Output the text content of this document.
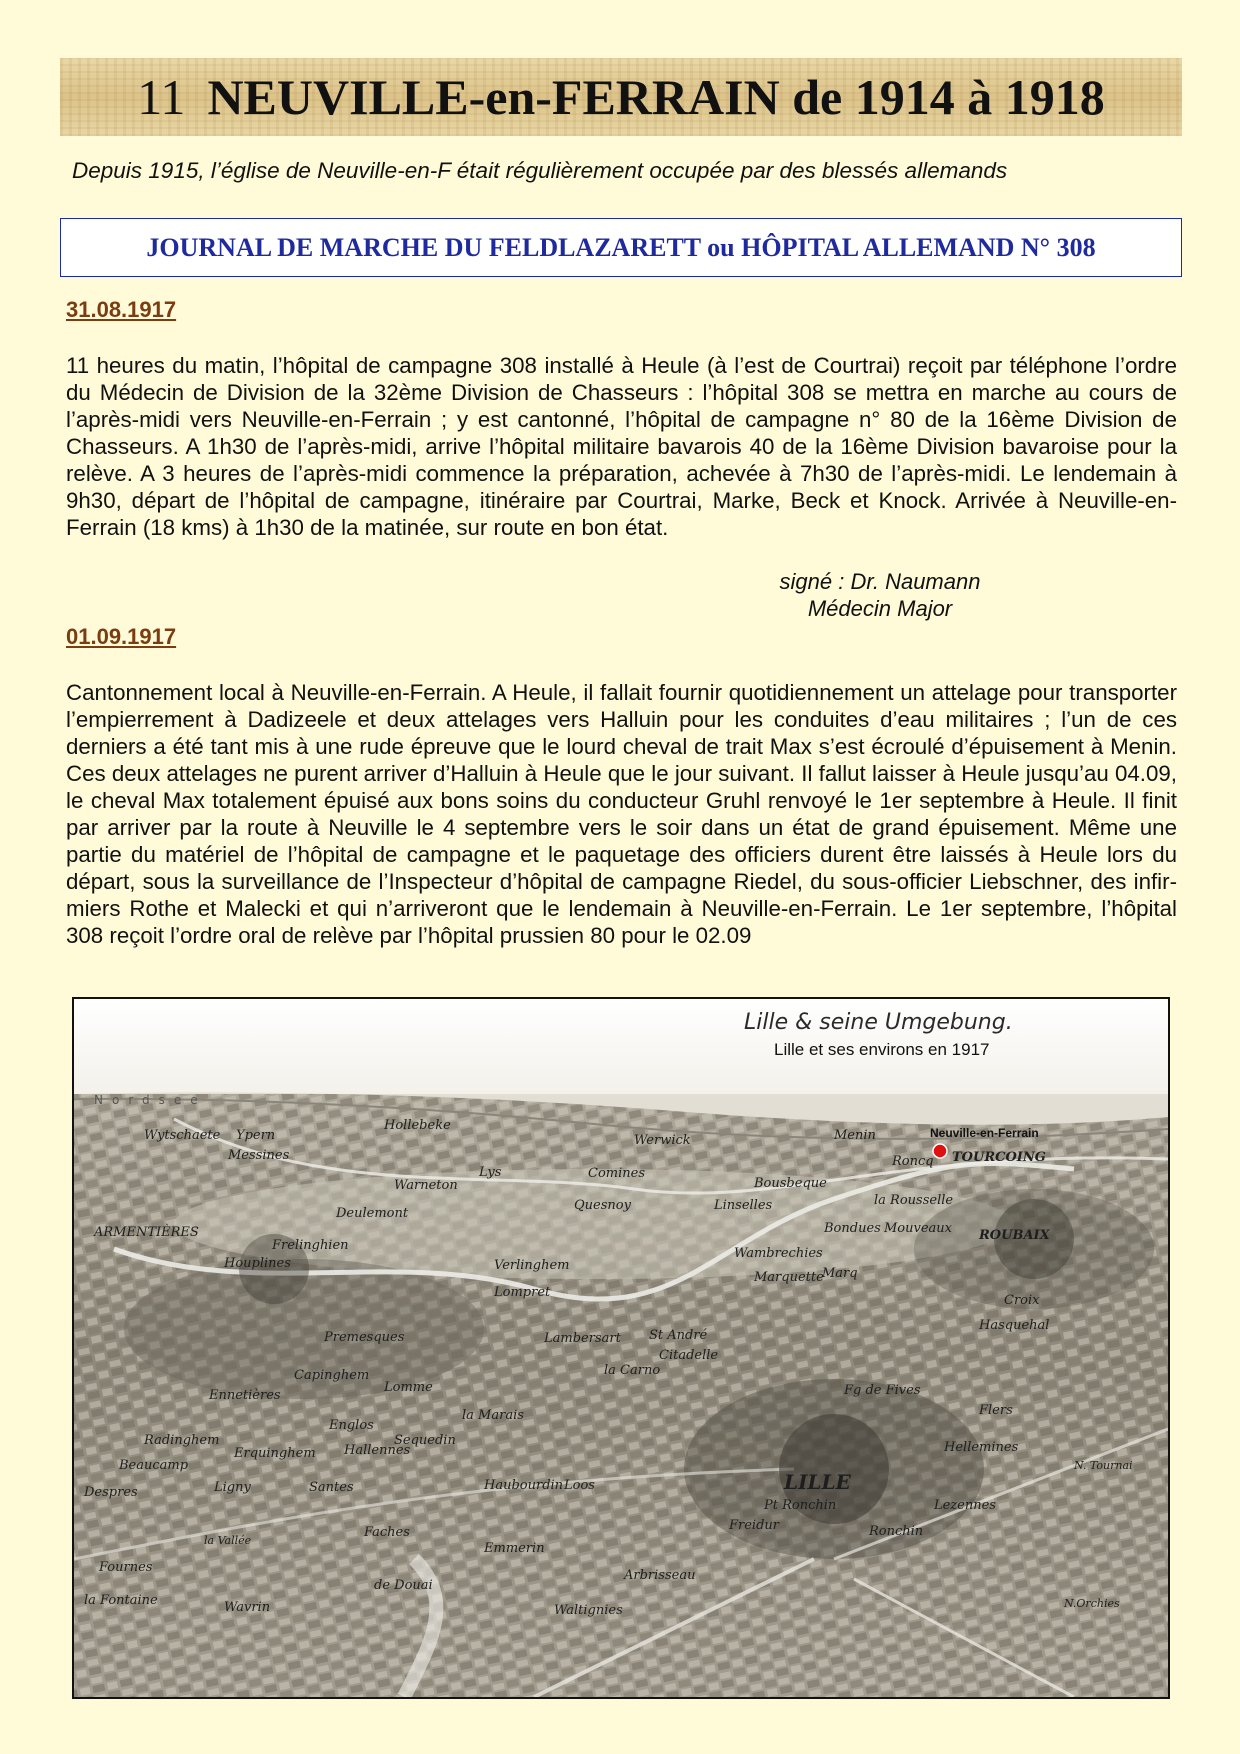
11 NEUVILLE-en-FERRAIN de 1914 à 1918
Depuis 1915, l’église de Neuville-en-F était régulièrement occupée par des blessés allemands
JOURNAL DE MARCHE DU FELDLAZARETT ou HÔPITAL ALLEMAND N° 308
31.08.1917
11 heures du matin, l’hôpital de campagne 308 installé à Heule (à l’est de Courtrai) reçoit par téléphone l’ordre du Médecin de Division de la 32ème Division de Chasseurs : l’hôpital 308 se mettra en marche au cours de l’après-midi vers Neuville-en-Ferrain ; y est cantonné, l’hôpital de campagne n° 80 de la 16ème Division de Chasseurs. A 1h30 de l’après-midi, arrive l’hôpital militaire bavarois 40 de la 16ème Division bavaroise pour la relève. A 3 heures de l’après-midi commence la préparation, achevée à 7h30 de l’après-midi. Le lendemain à 9h30, départ de l’hôpital de campagne, itinéraire par Courtrai, Marke, Beck et Knock. Arrivée à Neuville-en-Ferrain (18 kms) à 1h30 de la matinée, sur route en bon état.
signé : Dr. Naumann
Médecin Major
01.09.1917
Cantonnement local à Neuville-en-Ferrain. A Heule, il fallait fournir quotidiennement un attelage pour transporter l’empierrement à Dadizeele et deux attelages vers Halluin pour les conduites d’eau militaires ; l’un de ces derniers a été tant mis à une rude épreuve que le lourd cheval de trait Max s’est écroulé d’épuisement à Menin. Ces deux attelages ne purent arriver d’Halluin à Heule que le jour suivant. Il fallut laisser à Heule jusqu’au 04.09, le cheval Max totalement épuisé aux bons soins du conducteur Gruhl renvoyé le 1er septembre à Heule. Il finit par arriver par la route à Neuville le 4 septembre vers le soir dans un état de grand épuisement. Même une partie du matériel de l’hôpital de campagne et le paquetage des officiers durent être laissés à Heule lors du départ, sous la surveillance de l’Inspecteur d’hôpital de campagne Riedel, du sous-officier Liebschner, des infirmiers Rothe et Malecki et qui n’arriveront que le lendemain à Neuville-en-Ferrain. Le 1er septembre, l’hôpital 308 reçoit l’ordre oral de relève par l’hôpital prussien 80 pour le 02.09
Lille & seine Umgebung.
Lille et ses environs en 1917
Neuville-en-Ferrain
Nordsee
Wytschaete Ypern
Messines
Hollebeke
Werwick	Menin
Roncq TOURCOING
Lys	Comines
Warneton	Bousbeque
Quesnoy	Linselles	la Rousselle
Deulemont
Bondues Mouveaux ROUBAIX
ARMENTIÈRES
Frelinghien
Houplines
Wambrechies
Marquette
Marq
Verlinghem
Lompret
Croix
Hasquehal
Lambersart St André
Premesques
Citadelle
la Carno
Capinghem
Lomme	Fg de Fives
Flers
Ennetières
la Marais
Englos
Sequedin	Hellemines
Radinghem
Hallennes
Erquinghem
N. Tournai
Beaucamp
LILLE
Ligny
Despres	Haubourdin Loos
Santes
Pt Ronchin	Lezennes
Ronchin
Faches
Emmerin
Freidur
Fournes
la Vallée
la Fontaine	Wavrin	Waltignies
Arbrisseau
de Douai
N.Orchies
